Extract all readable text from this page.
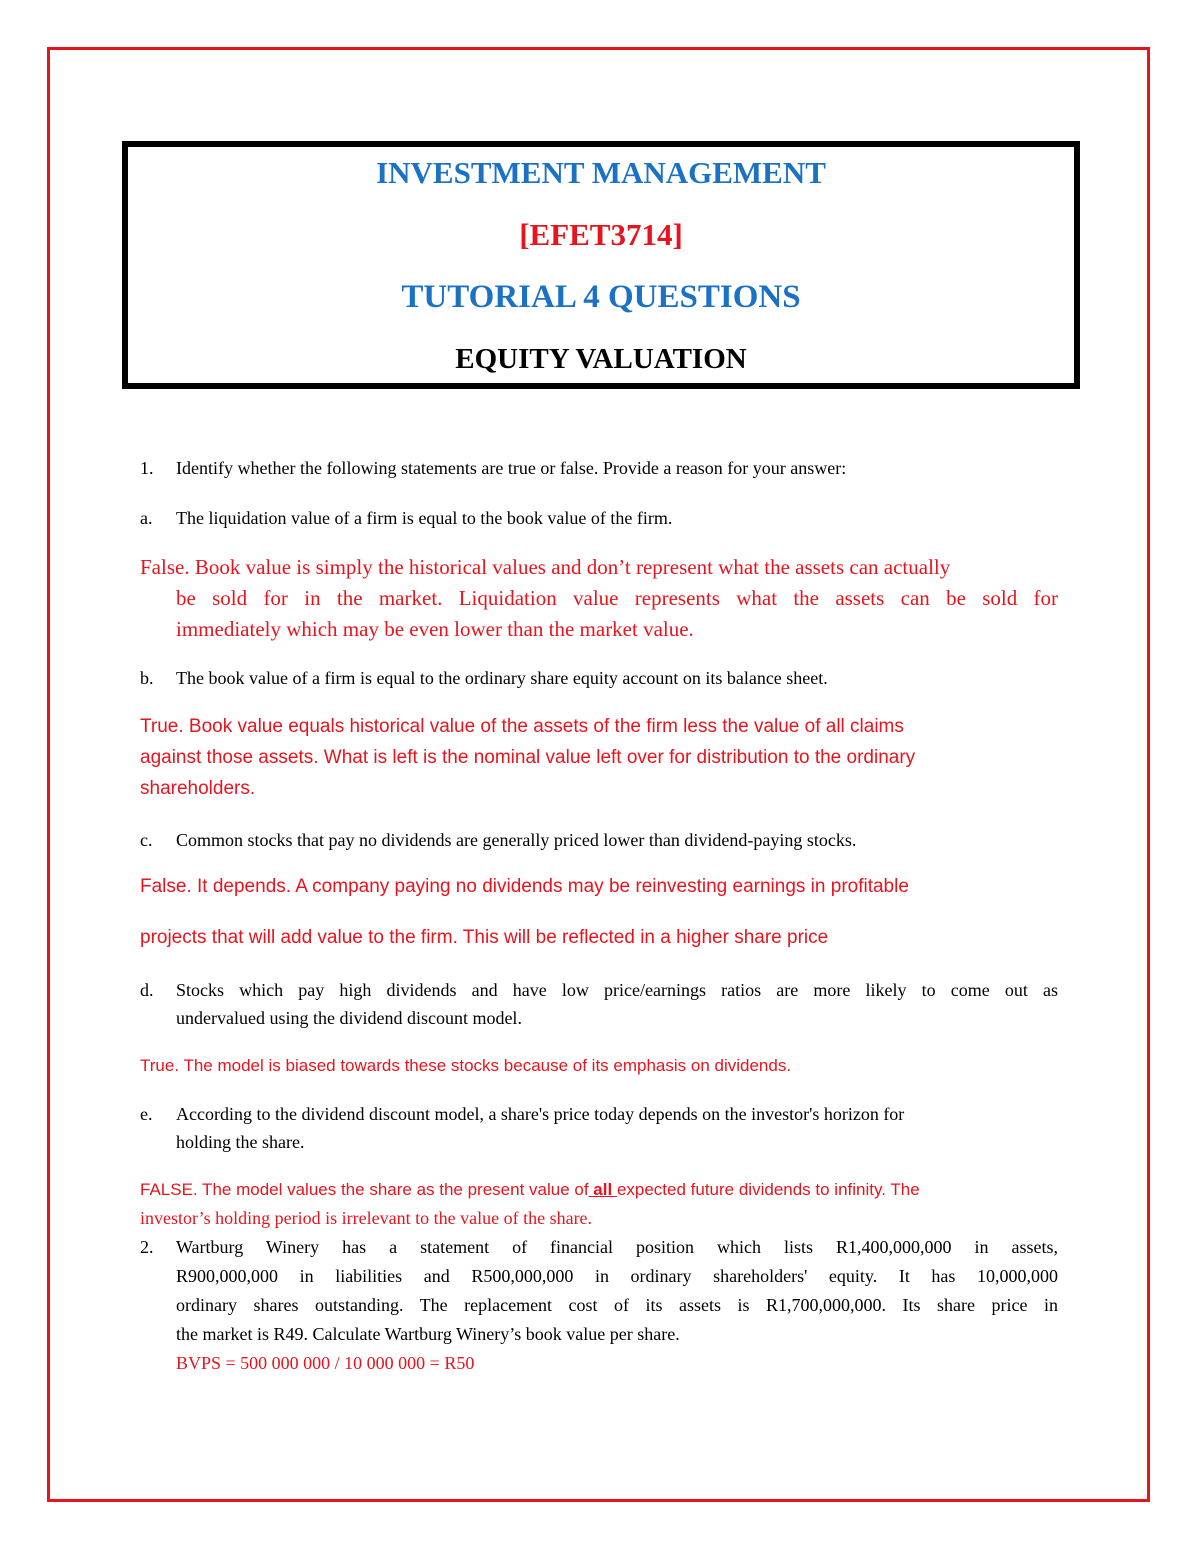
INVESTMENT MANAGEMENT
[EFET3714]
TUTORIAL 4 QUESTIONS
EQUITY VALUATION
1. Identify whether the following statements are true or false. Provide a reason for your answer:
a. The liquidation value of a firm is equal to the book value of the firm.
False. Book value is simply the historical values and don’t represent what the assets can actually
be sold for in the market. Liquidation value represents what the assets can be sold for
immediately which may be even lower than the market value.
b. The book value of a firm is equal to the ordinary share equity account on its balance sheet.
True. Book value equals historical value of the assets of the firm less the value of all claims
against those assets. What is left is the nominal value left over for distribution to the ordinary
shareholders.
c. Common stocks that pay no dividends are generally priced lower than dividend-paying stocks.
False. It depends. A company paying no dividends may be reinvesting earnings in profitable
projects that will add value to the firm. This will be reflected in a higher share price
d. Stocks which pay high dividends and have low price/earnings ratios are more likely to come out as
undervalued using the dividend discount model.
True. The model is biased towards these stocks because of its emphasis on dividends.
e. According to the dividend discount model, a share's price today depends on the investor's horizon for
holding the share.
FALSE. The model values the share as the present value of all expected future dividends to infinity. The
investor’s holding period is irrelevant to the value of the share.
2. Wartburg Winery has a statement of financial position which lists R1,400,000,000 in assets,
R900,000,000 in liabilities and R500,000,000 in ordinary shareholders' equity. It has 10,000,000
ordinary shares outstanding. The replacement cost of its assets is R1,700,000,000. Its share price in
the market is R49. Calculate Wartburg Winery’s book value per share.
BVPS = 500 000 000 / 10 000 000 = R50
